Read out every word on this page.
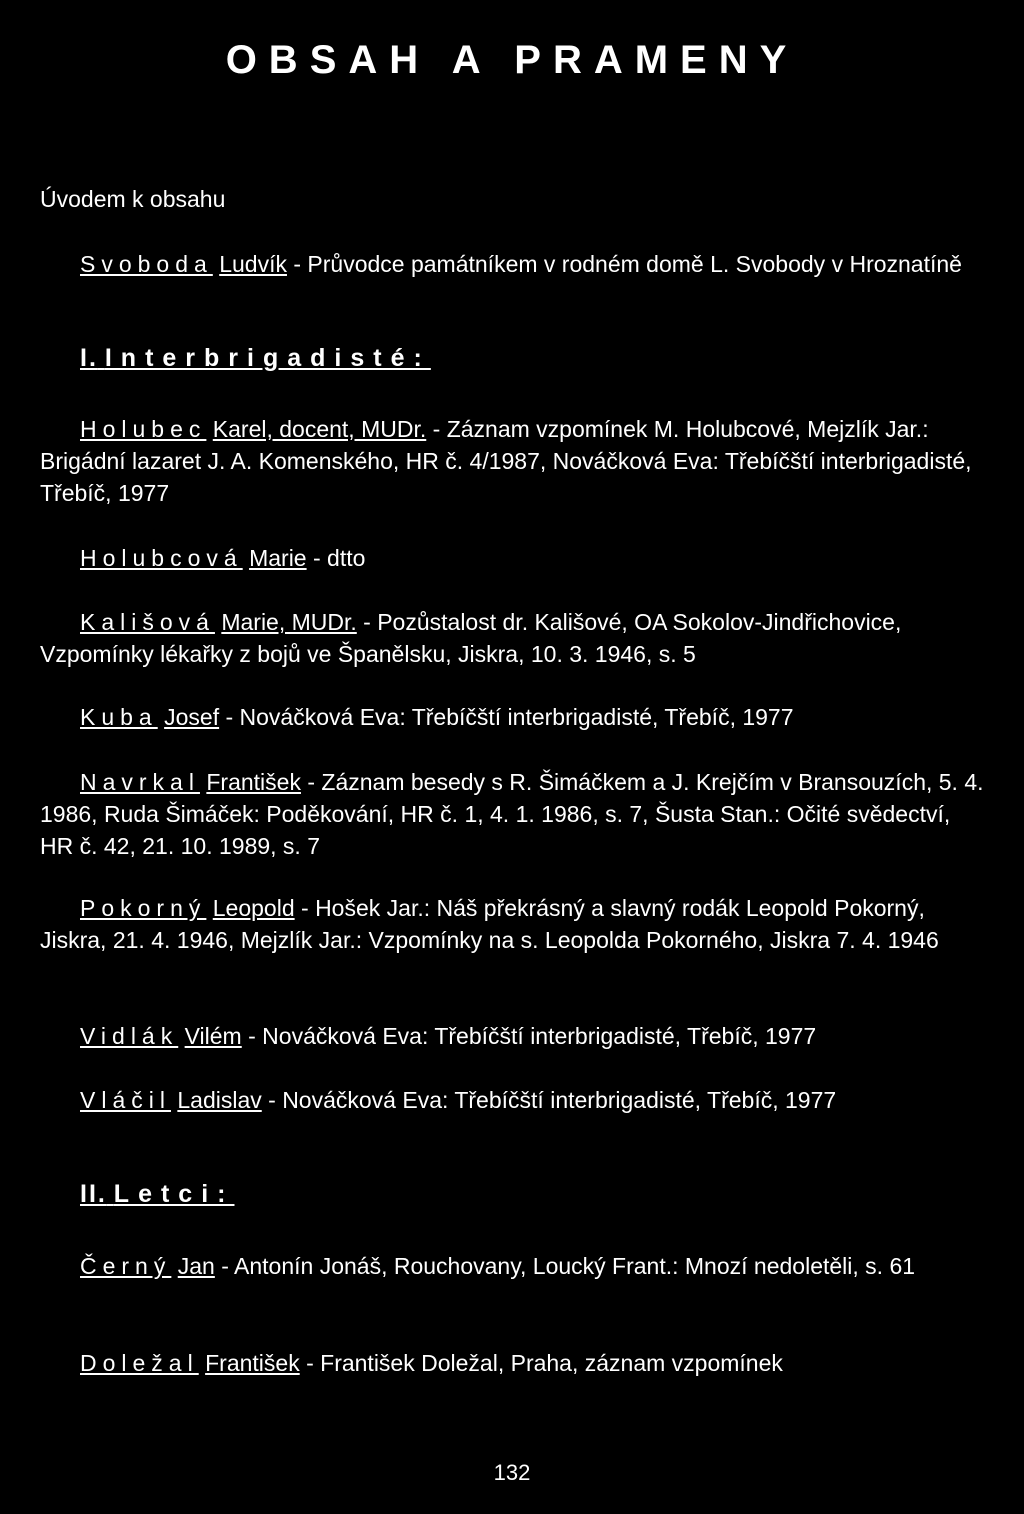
OBSAH A PRAMENY

Úvodem k obsahu

Svoboda Ludvík - Průvodce památníkem v rodném domě L. Svobody v Hroznatíně

I. Interbrigadisté:

Holubec Karel, docent, MUDr. - Záznam vzpomínek M. Holubcové, Mejzlík Jar.: Brigádní lazaret J. A. Komenského, HR č. 4/1987, Nováčková Eva: Třebíčští interbrigadisté, Třebíč, 1977

Holubcová Marie - dtto

Kališová Marie, MUDr. - Pozůstalost dr. Kališové, OA Sokolov-Jindřichovice, Vzpomínky lékařky z bojů ve Španělsku, Jiskra, 10. 3. 1946, s. 5

Kuba Josef - Nováčková Eva: Třebíčští interbrigadisté, Třebíč, 1977

Navrkal František - Záznam besedy s R. Šimáčkem a J. Krejčím v Bransouzích, 5. 4. 1986, Ruda Šimáček: Poděkování, HR č. 1, 4. 1. 1986, s. 7, Šusta Stan.: Očité svědectví, HR č. 42, 21. 10. 1989, s. 7

Pokorný Leopold - Hošek Jar.: Náš překrásný a slavný rodák Leopold Pokorný, Jiskra, 21. 4. 1946, Mejzlík Jar.: Vzpomínky na s. Leopolda Pokorného, Jiskra 7. 4. 1946

Vidlák Vilém - Nováčková Eva: Třebíčští interbrigadisté, Třebíč, 1977

Vláčil Ladislav - Nováčková Eva: Třebíčští interbrigadisté, Třebíč, 1977

II. Letci:

Černý Jan - Antonín Jonáš, Rouchovany, Loucký Frant.: Mnozí nedoletěli, s. 61

Doležal František - František Doležal, Praha, záznam vzpomínek

132
